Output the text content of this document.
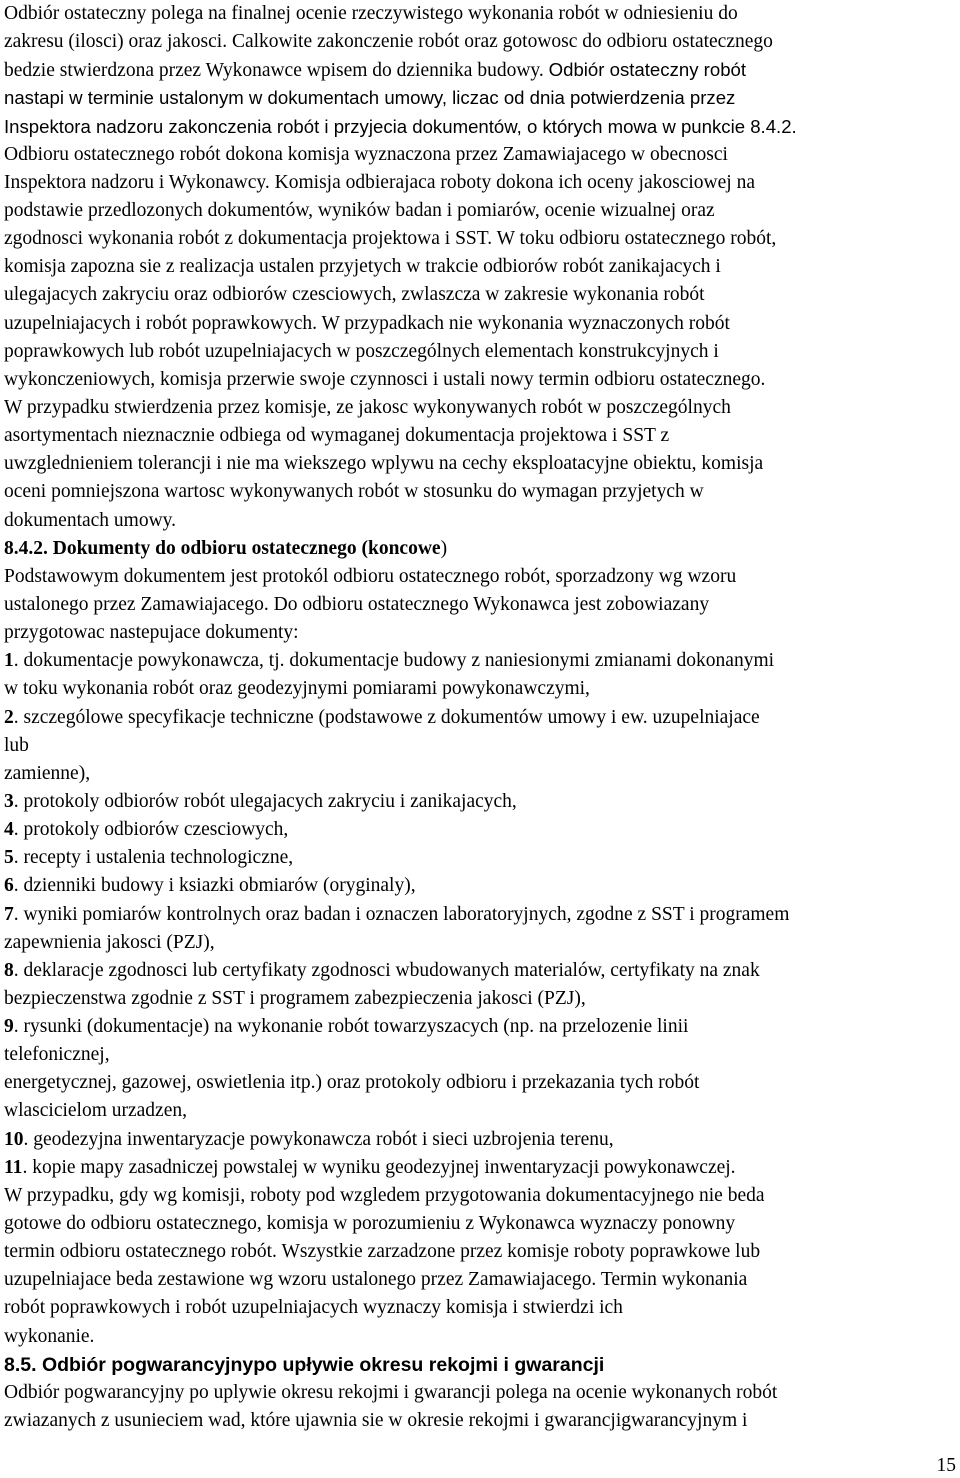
Odbiór ostateczny polega na finalnej ocenie rzeczywistego wykonania robót w odniesieniu do
zakresu (ilosci) oraz jakosci. Calkowite zakonczenie robót oraz gotowosc do odbioru ostatecznego
bedzie stwierdzona przez Wykonawce wpisem do dziennika budowy. Odbiór ostateczny robót
nastapi w terminie ustalonym w dokumentach umowy, liczac od dnia potwierdzenia przez
Inspektora nadzoru zakonczenia robót i przyjecia dokumentów, o których mowa w punkcie 8.4.2.
Odbioru ostatecznego robót dokona komisja wyznaczona przez Zamawiajacego w obecnosci
Inspektora nadzoru i Wykonawcy. Komisja odbierajaca roboty dokona ich oceny jakosciowej na
podstawie przedlozonych dokumentów, wyników badan i pomiarów, ocenie wizualnej oraz
zgodnosci wykonania robót z dokumentacja projektowa i SST. W toku odbioru ostatecznego robót,
komisja zapozna sie z realizacja ustalen przyjetych w trakcie odbiorów robót zanikajacych i
ulegajacych zakryciu oraz odbiorów czesciowych, zwlaszcza w zakresie wykonania robót
uzupelniajacych i robót poprawkowych. W przypadkach nie wykonania wyznaczonych robót
poprawkowych lub robót uzupelniajacych w poszczególnych elementach konstrukcyjnych i
wykonczeniowych, komisja przerwie swoje czynnosci i ustali nowy termin odbioru ostatecznego.
W przypadku stwierdzenia przez komisje, ze jakosc wykonywanych robót w poszczególnych
asortymentach nieznacznie odbiega od wymaganej dokumentacja projektowa i SST z
uwzglednieniem tolerancji i nie ma wiekszego wplywu na cechy eksploatacyjne obiektu, komisja
oceni pomniejszona wartosc wykonywanych robót w stosunku do wymagan przyjetych w
dokumentach umowy.
8.4.2. Dokumenty do odbioru ostatecznego (koncowe)
Podstawowym dokumentem jest protokól odbioru ostatecznego robót, sporzadzony wg wzoru
ustalonego przez Zamawiajacego. Do odbioru ostatecznego Wykonawca jest zobowiazany
przygotowac nastepujace dokumenty:
1. dokumentacje powykonawcza, tj. dokumentacje budowy z naniesionymi zmianami dokonanymi
w toku wykonania robót oraz geodezyjnymi pomiarami powykonawczymi,
2. szczególowe specyfikacje techniczne (podstawowe z dokumentów umowy i ew. uzupelniajace
lub
zamienne),
3. protokoly odbiorów robót ulegajacych zakryciu i zanikajacych,
4. protokoly odbiorów czesciowych,
5. recepty i ustalenia technologiczne,
6. dzienniki budowy i ksiazki obmiarów (oryginaly),
7. wyniki pomiarów kontrolnych oraz badan i oznaczen laboratoryjnych, zgodne z SST i programem
zapewnienia jakosci (PZJ),
8. deklaracje zgodnosci lub certyfikaty zgodnosci wbudowanych materialów, certyfikaty na znak
bezpieczenstwa zgodnie z SST i programem zabezpieczenia jakosci (PZJ),
9. rysunki (dokumentacje) na wykonanie robót towarzyszacych (np. na przelozenie linii
telefonicznej,
energetycznej, gazowej, oswietlenia itp.) oraz protokoly odbioru i przekazania tych robót
wlascicielom urzadzen,
10. geodezyjna inwentaryzacje powykonawcza robót i sieci uzbrojenia terenu,
11. kopie mapy zasadniczej powstalej w wyniku geodezyjnej inwentaryzacji powykonawczej.
W przypadku, gdy wg komisji, roboty pod wzgledem przygotowania dokumentacyjnego nie beda
gotowe do odbioru ostatecznego, komisja w porozumieniu z Wykonawca wyznaczy ponowny
termin odbioru ostatecznego robót. Wszystkie zarzadzone przez komisje roboty poprawkowe lub
uzupelniajace beda zestawione wg wzoru ustalonego przez Zamawiajacego. Termin wykonania
robót poprawkowych i robót uzupelniajacych wyznaczy komisja i stwierdzi ich
wykonanie.
8.5. Odbiór pogwarancyjnypo upływie okresu rekojmi i gwarancji
Odbiór pogwarancyjny po uplywie okresu rekojmi i gwarancji polega na ocenie wykonanych robót
zwiazanych z usunieciem wad, które ujawnia sie w okresie rekojmi i gwarancjigwarancyjnym i
15
